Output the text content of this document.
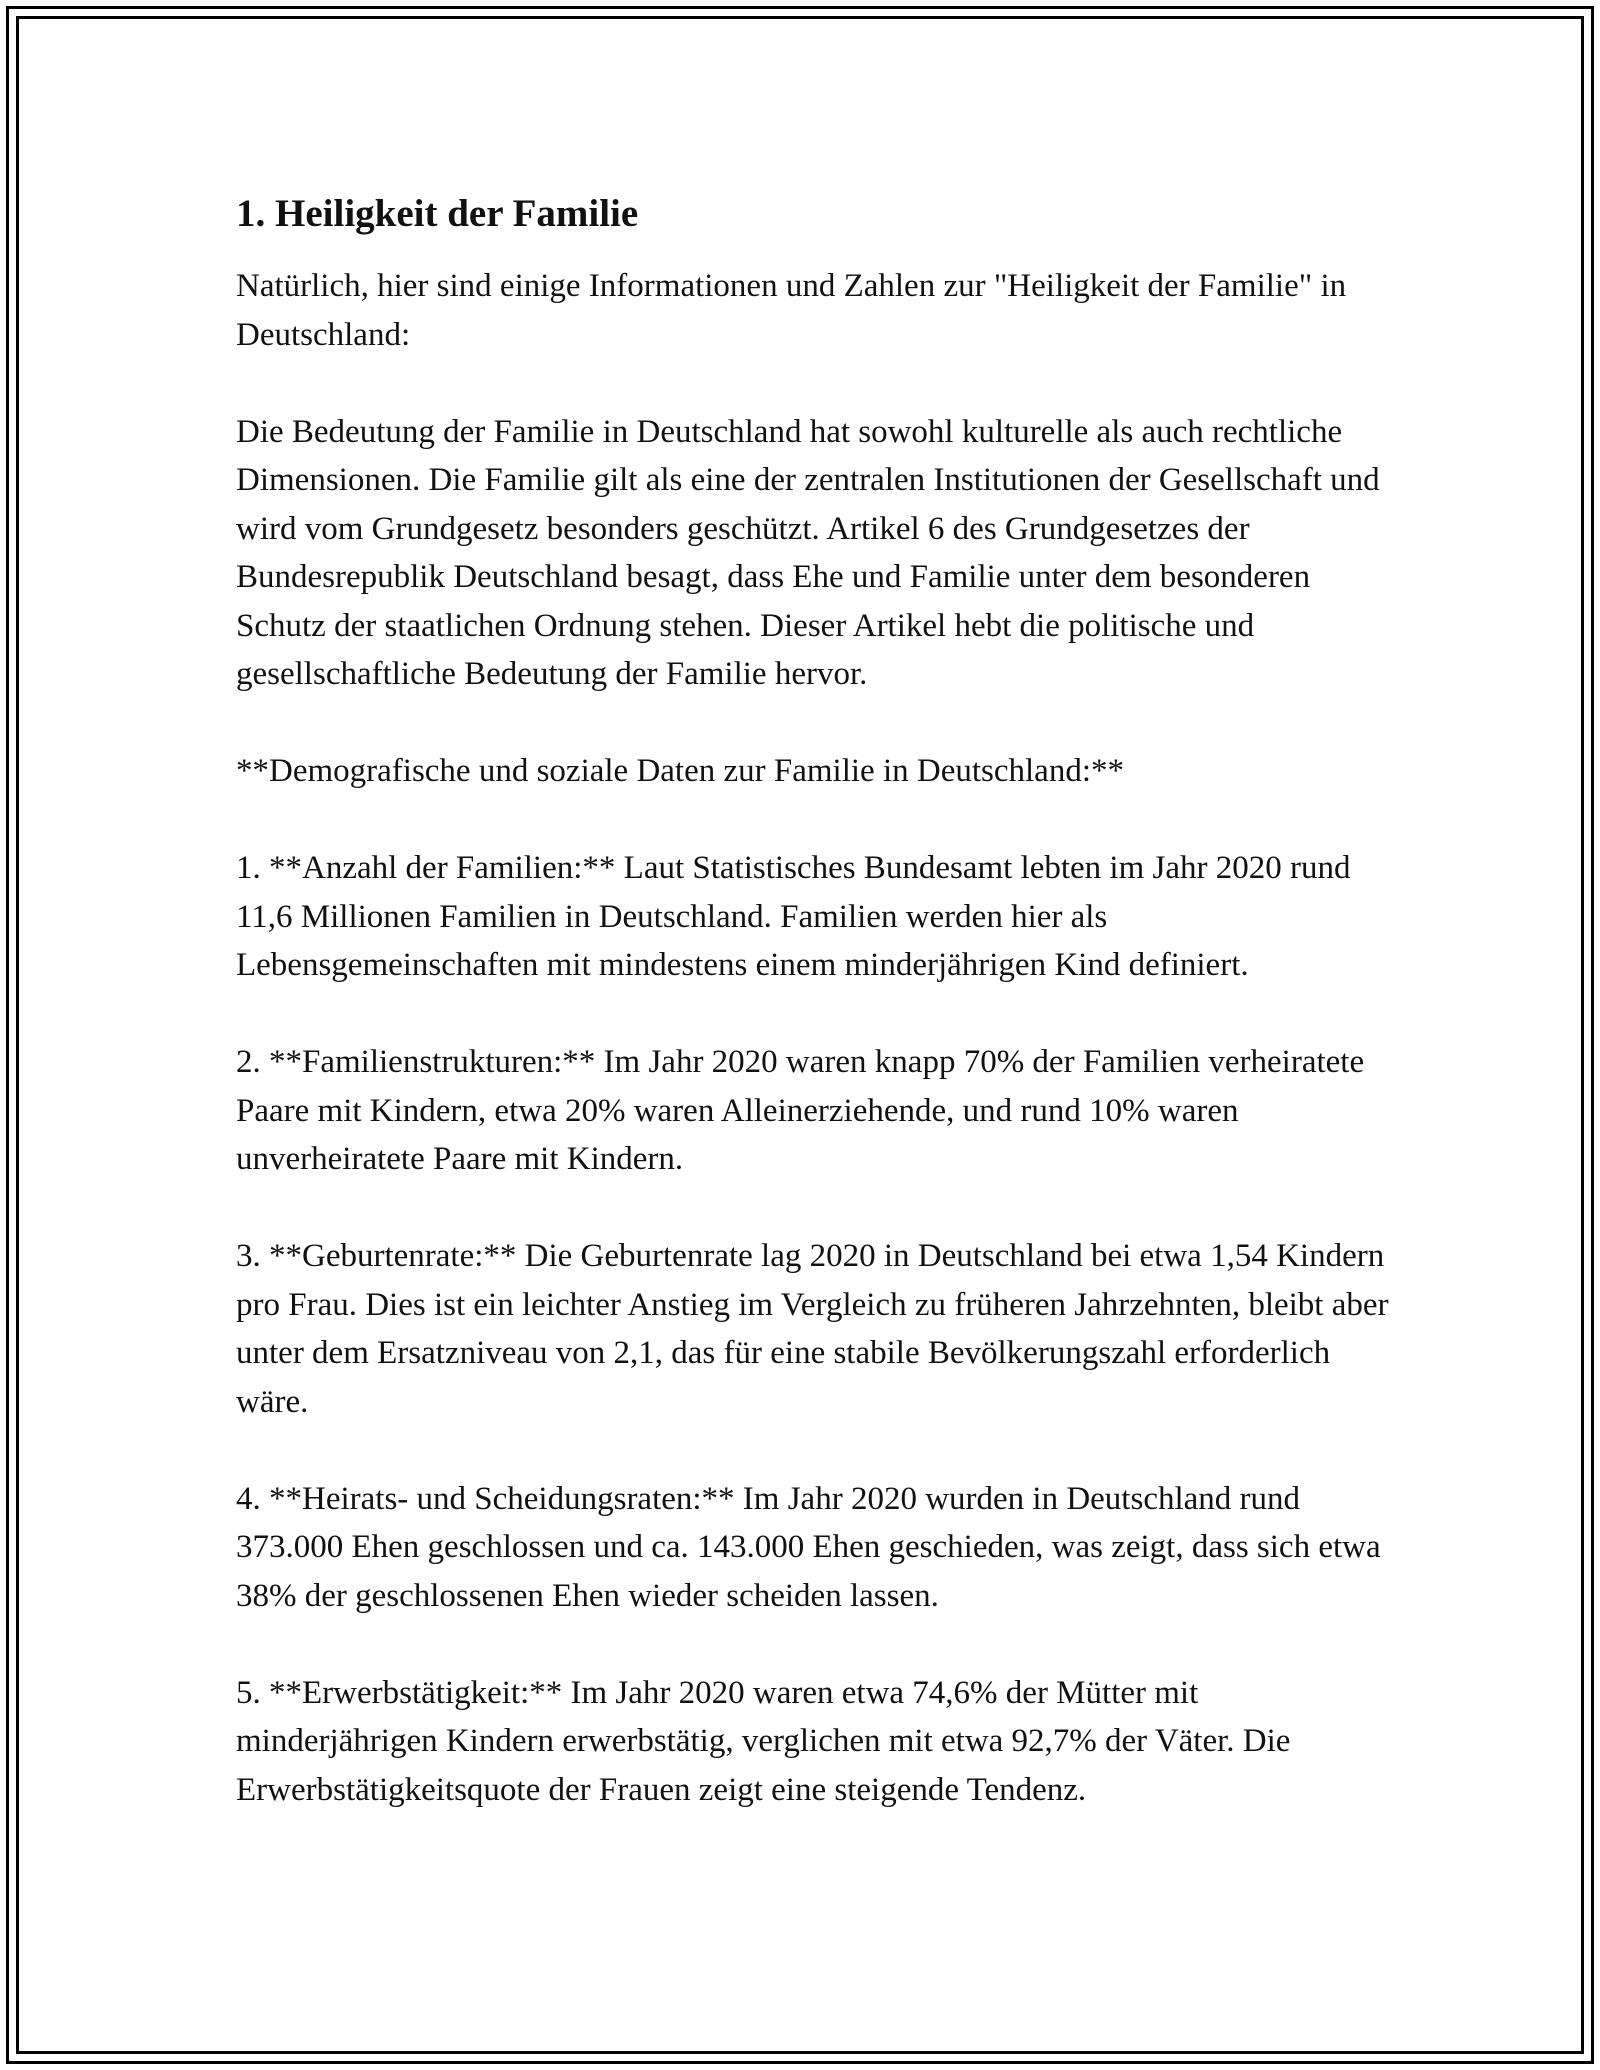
1. Heiligkeit der Familie

Natürlich, hier sind einige Informationen und Zahlen zur "Heiligkeit der Familie" in Deutschland:

Die Bedeutung der Familie in Deutschland hat sowohl kulturelle als auch rechtliche Dimensionen. Die Familie gilt als eine der zentralen Institutionen der Gesellschaft und wird vom Grundgesetz besonders geschützt. Artikel 6 des Grundgesetzes der Bundesrepublik Deutschland besagt, dass Ehe und Familie unter dem besonderen Schutz der staatlichen Ordnung stehen. Dieser Artikel hebt die politische und gesellschaftliche Bedeutung der Familie hervor.

**Demografische und soziale Daten zur Familie in Deutschland:**

1. **Anzahl der Familien:** Laut Statistisches Bundesamt lebten im Jahr 2020 rund 11,6 Millionen Familien in Deutschland. Familien werden hier als Lebensgemeinschaften mit mindestens einem minderjährigen Kind definiert.

2. **Familienstrukturen:** Im Jahr 2020 waren knapp 70% der Familien verheiratete Paare mit Kindern, etwa 20% waren Alleinerziehende, und rund 10% waren unverheiratete Paare mit Kindern.

3. **Geburtenrate:** Die Geburtenrate lag 2020 in Deutschland bei etwa 1,54 Kindern pro Frau. Dies ist ein leichter Anstieg im Vergleich zu früheren Jahrzehnten, bleibt aber unter dem Ersatzniveau von 2,1, das für eine stabile Bevölkerungszahl erforderlich wäre.

4. **Heirats- und Scheidungsraten:** Im Jahr 2020 wurden in Deutschland rund 373.000 Ehen geschlossen und ca. 143.000 Ehen geschieden, was zeigt, dass sich etwa 38% der geschlossenen Ehen wieder scheiden lassen.

5. **Erwerbstätigkeit:** Im Jahr 2020 waren etwa 74,6% der Mütter mit minderjährigen Kindern erwerbstätig, verglichen mit etwa 92,7% der Väter. Die Erwerbstätigkeitsquote der Frauen zeigt eine steigende Tendenz.
